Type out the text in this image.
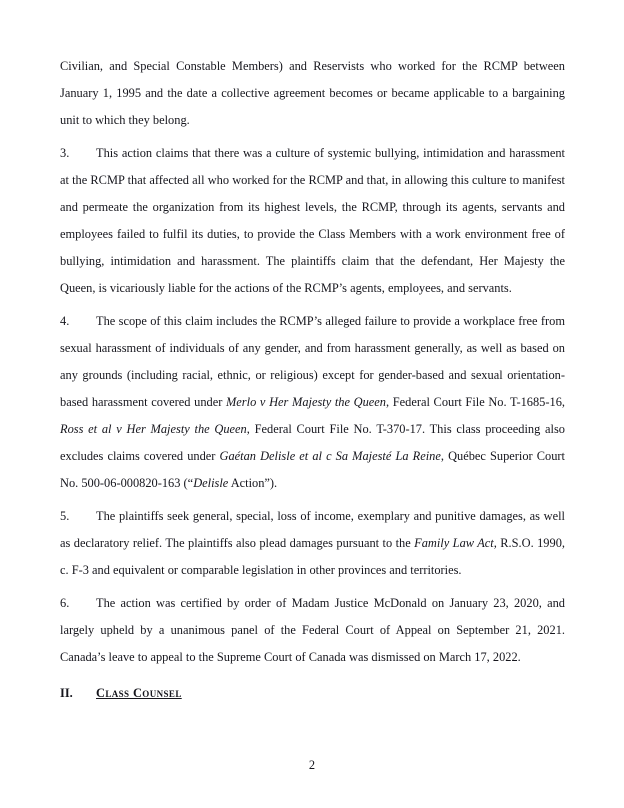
Civilian, and Special Constable Members) and Reservists who worked for the RCMP between January 1, 1995 and the date a collective agreement becomes or became applicable to a bargaining unit to which they belong.

3. This action claims that there was a culture of systemic bullying, intimidation and harassment at the RCMP that affected all who worked for the RCMP and that, in allowing this culture to manifest and permeate the organization from its highest levels, the RCMP, through its agents, servants and employees failed to fulfil its duties, to provide the Class Members with a work environment free of bullying, intimidation and harassment. The plaintiffs claim that the defendant, Her Majesty the Queen, is vicariously liable for the actions of the RCMP’s agents, employees, and servants.

4. The scope of this claim includes the RCMP’s alleged failure to provide a workplace free from sexual harassment of individuals of any gender, and from harassment generally, as well as based on any grounds (including racial, ethnic, or religious) except for gender-based and sexual orientation- based harassment covered under Merlo v Her Majesty the Queen, Federal Court File No. T-1685-16, Ross et al v Her Majesty the Queen, Federal Court File No. T-370-17. This class proceeding also excludes claims covered under Gaétan Delisle et al c Sa Majesté La Reine, Québec Superior Court No. 500-06-000820-163 (“Delisle Action”).

5. The plaintiffs seek general, special, loss of income, exemplary and punitive damages, as well as declaratory relief. The plaintiffs also plead damages pursuant to the Family Law Act, R.S.O. 1990, c. F-3 and equivalent or comparable legislation in other provinces and territories.

6. The action was certified by order of Madam Justice McDonald on January 23, 2020, and largely upheld by a unanimous panel of the Federal Court of Appeal on September 21, 2021. Canada’s leave to appeal to the Supreme Court of Canada was dismissed on March 17, 2022.

II. Class Counsel

2
